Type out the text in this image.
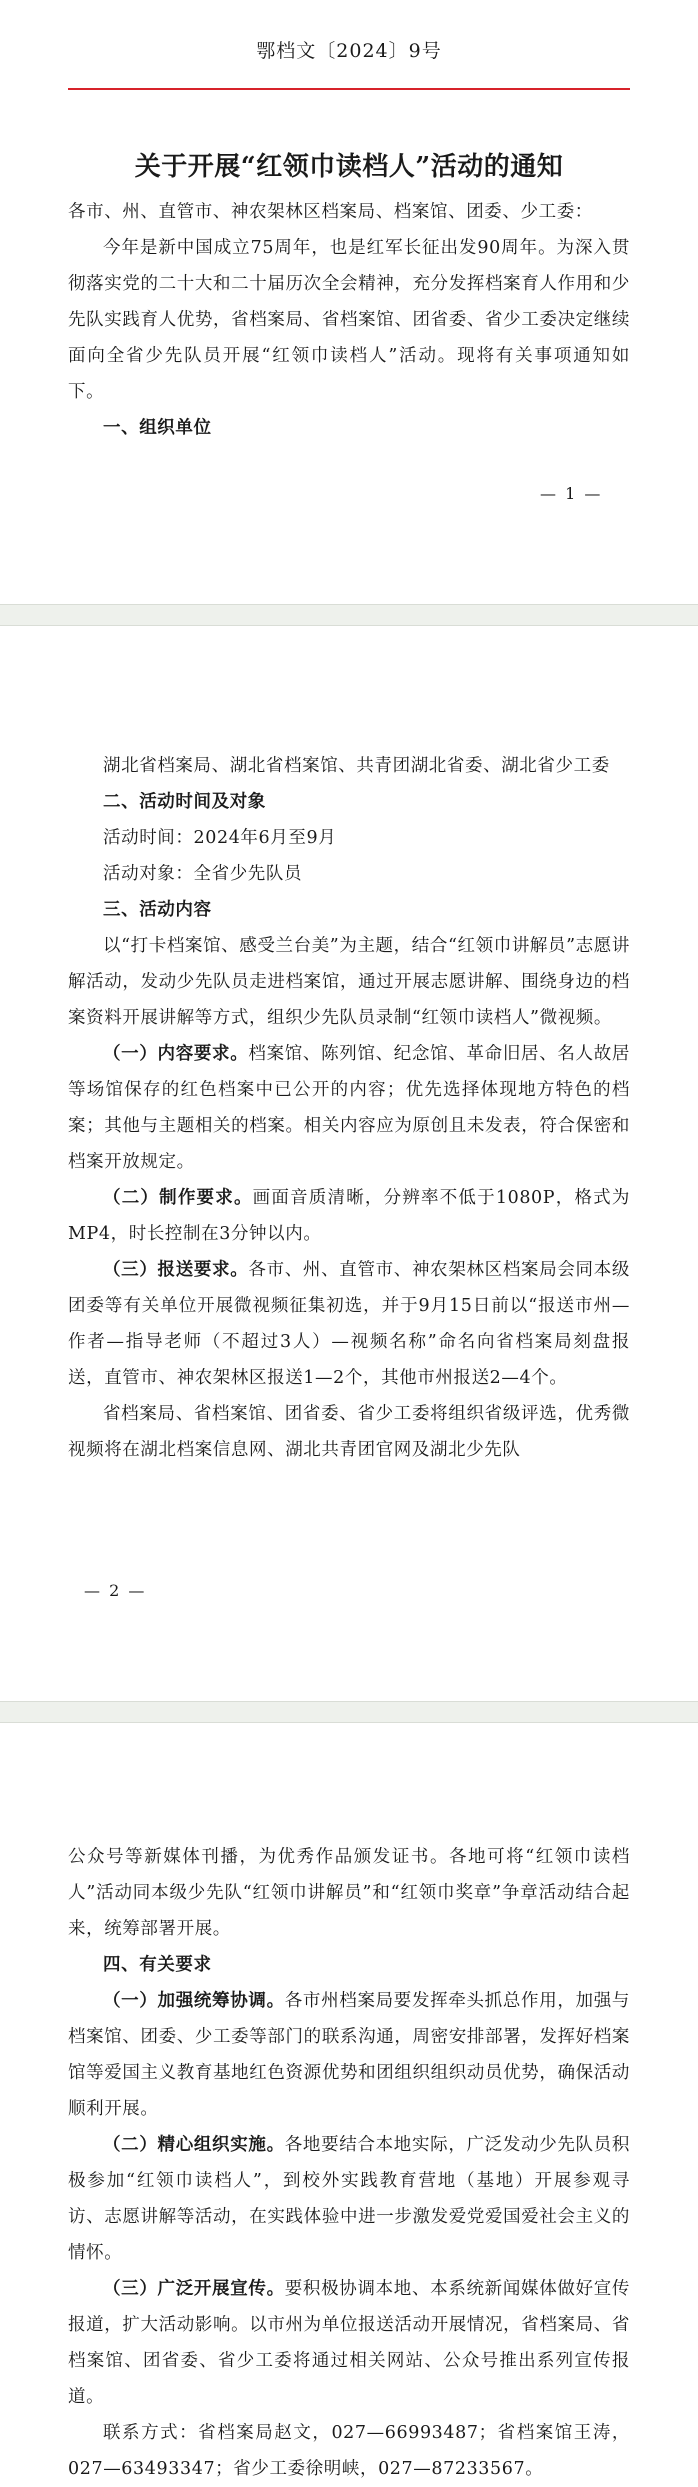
鄂档文〔2024〕9号
关于开展“红领巾读档人”活动的通知

各市、州、直管市、神农架林区档案局、档案馆、团委、少工委：

今年是新中国成立75周年，也是红军长征出发90周年。为深入贯彻落实党的二十大和二十届历次全会精神，充分发挥档案育人作用和少先队实践育人优势，省档案局、省档案馆、团省委、省少工委决定继续面向全省少先队员开展“红领巾读档人”活动。现将有关事项通知如下。

一、组织单位

— 1 —

湖北省档案局、湖北省档案馆、共青团湖北省委、湖北省少工委

二、活动时间及对象

活动时间：2024年6月至9月

活动对象：全省少先队员

三、活动内容

以“打卡档案馆、感受兰台美”为主题，结合“红领巾讲解员”志愿讲解活动，发动少先队员走进档案馆，通过开展志愿讲解、围绕身边的档案资料开展讲解等方式，组织少先队员录制“红领巾读档人”微视频。

（一）内容要求。档案馆、陈列馆、纪念馆、革命旧居、名人故居等场馆保存的红色档案中已公开的内容；优先选择体现地方特色的档案；其他与主题相关的档案。相关内容应为原创且未发表，符合保密和档案开放规定。

（二）制作要求。画面音质清晰，分辨率不低于1080P，格式为MP4，时长控制在3分钟以内。

（三）报送要求。各市、州、直管市、神农架林区档案局会同本级团委等有关单位开展微视频征集初选，并于9月15日前以“报送市州—作者—指导老师（不超过3人）—视频名称”命名向省档案局刻盘报送，直管市、神农架林区报送1—2个，其他市州报送2—4个。

省档案局、省档案馆、团省委、省少工委将组织省级评选，优秀微视频将在湖北档案信息网、湖北共青团官网及湖北少先队

— 2 —

公众号等新媒体刊播，为优秀作品颁发证书。各地可将“红领巾读档人”活动同本级少先队“红领巾讲解员”和“红领巾奖章”争章活动结合起来，统筹部署开展。

四、有关要求

（一）加强统筹协调。各市州档案局要发挥牵头抓总作用，加强与档案馆、团委、少工委等部门的联系沟通，周密安排部署，发挥好档案馆等爱国主义教育基地红色资源优势和团组织组织动员优势，确保活动顺利开展。

（二）精心组织实施。各地要结合本地实际，广泛发动少先队员积极参加“红领巾读档人”，到校外实践教育营地（基地）开展参观寻访、志愿讲解等活动，在实践体验中进一步激发爱党爱国爱社会主义的情怀。

（三）广泛开展宣传。要积极协调本地、本系统新闻媒体做好宣传报道，扩大活动影响。以市州为单位报送活动开展情况，省档案局、省档案馆、团省委、省少工委将通过相关网站、公众号推出系列宣传报道。

联系方式：省档案局赵文，027—66993487；省档案馆王涛，027—63493347；省少工委徐明峡，027—87233567。
